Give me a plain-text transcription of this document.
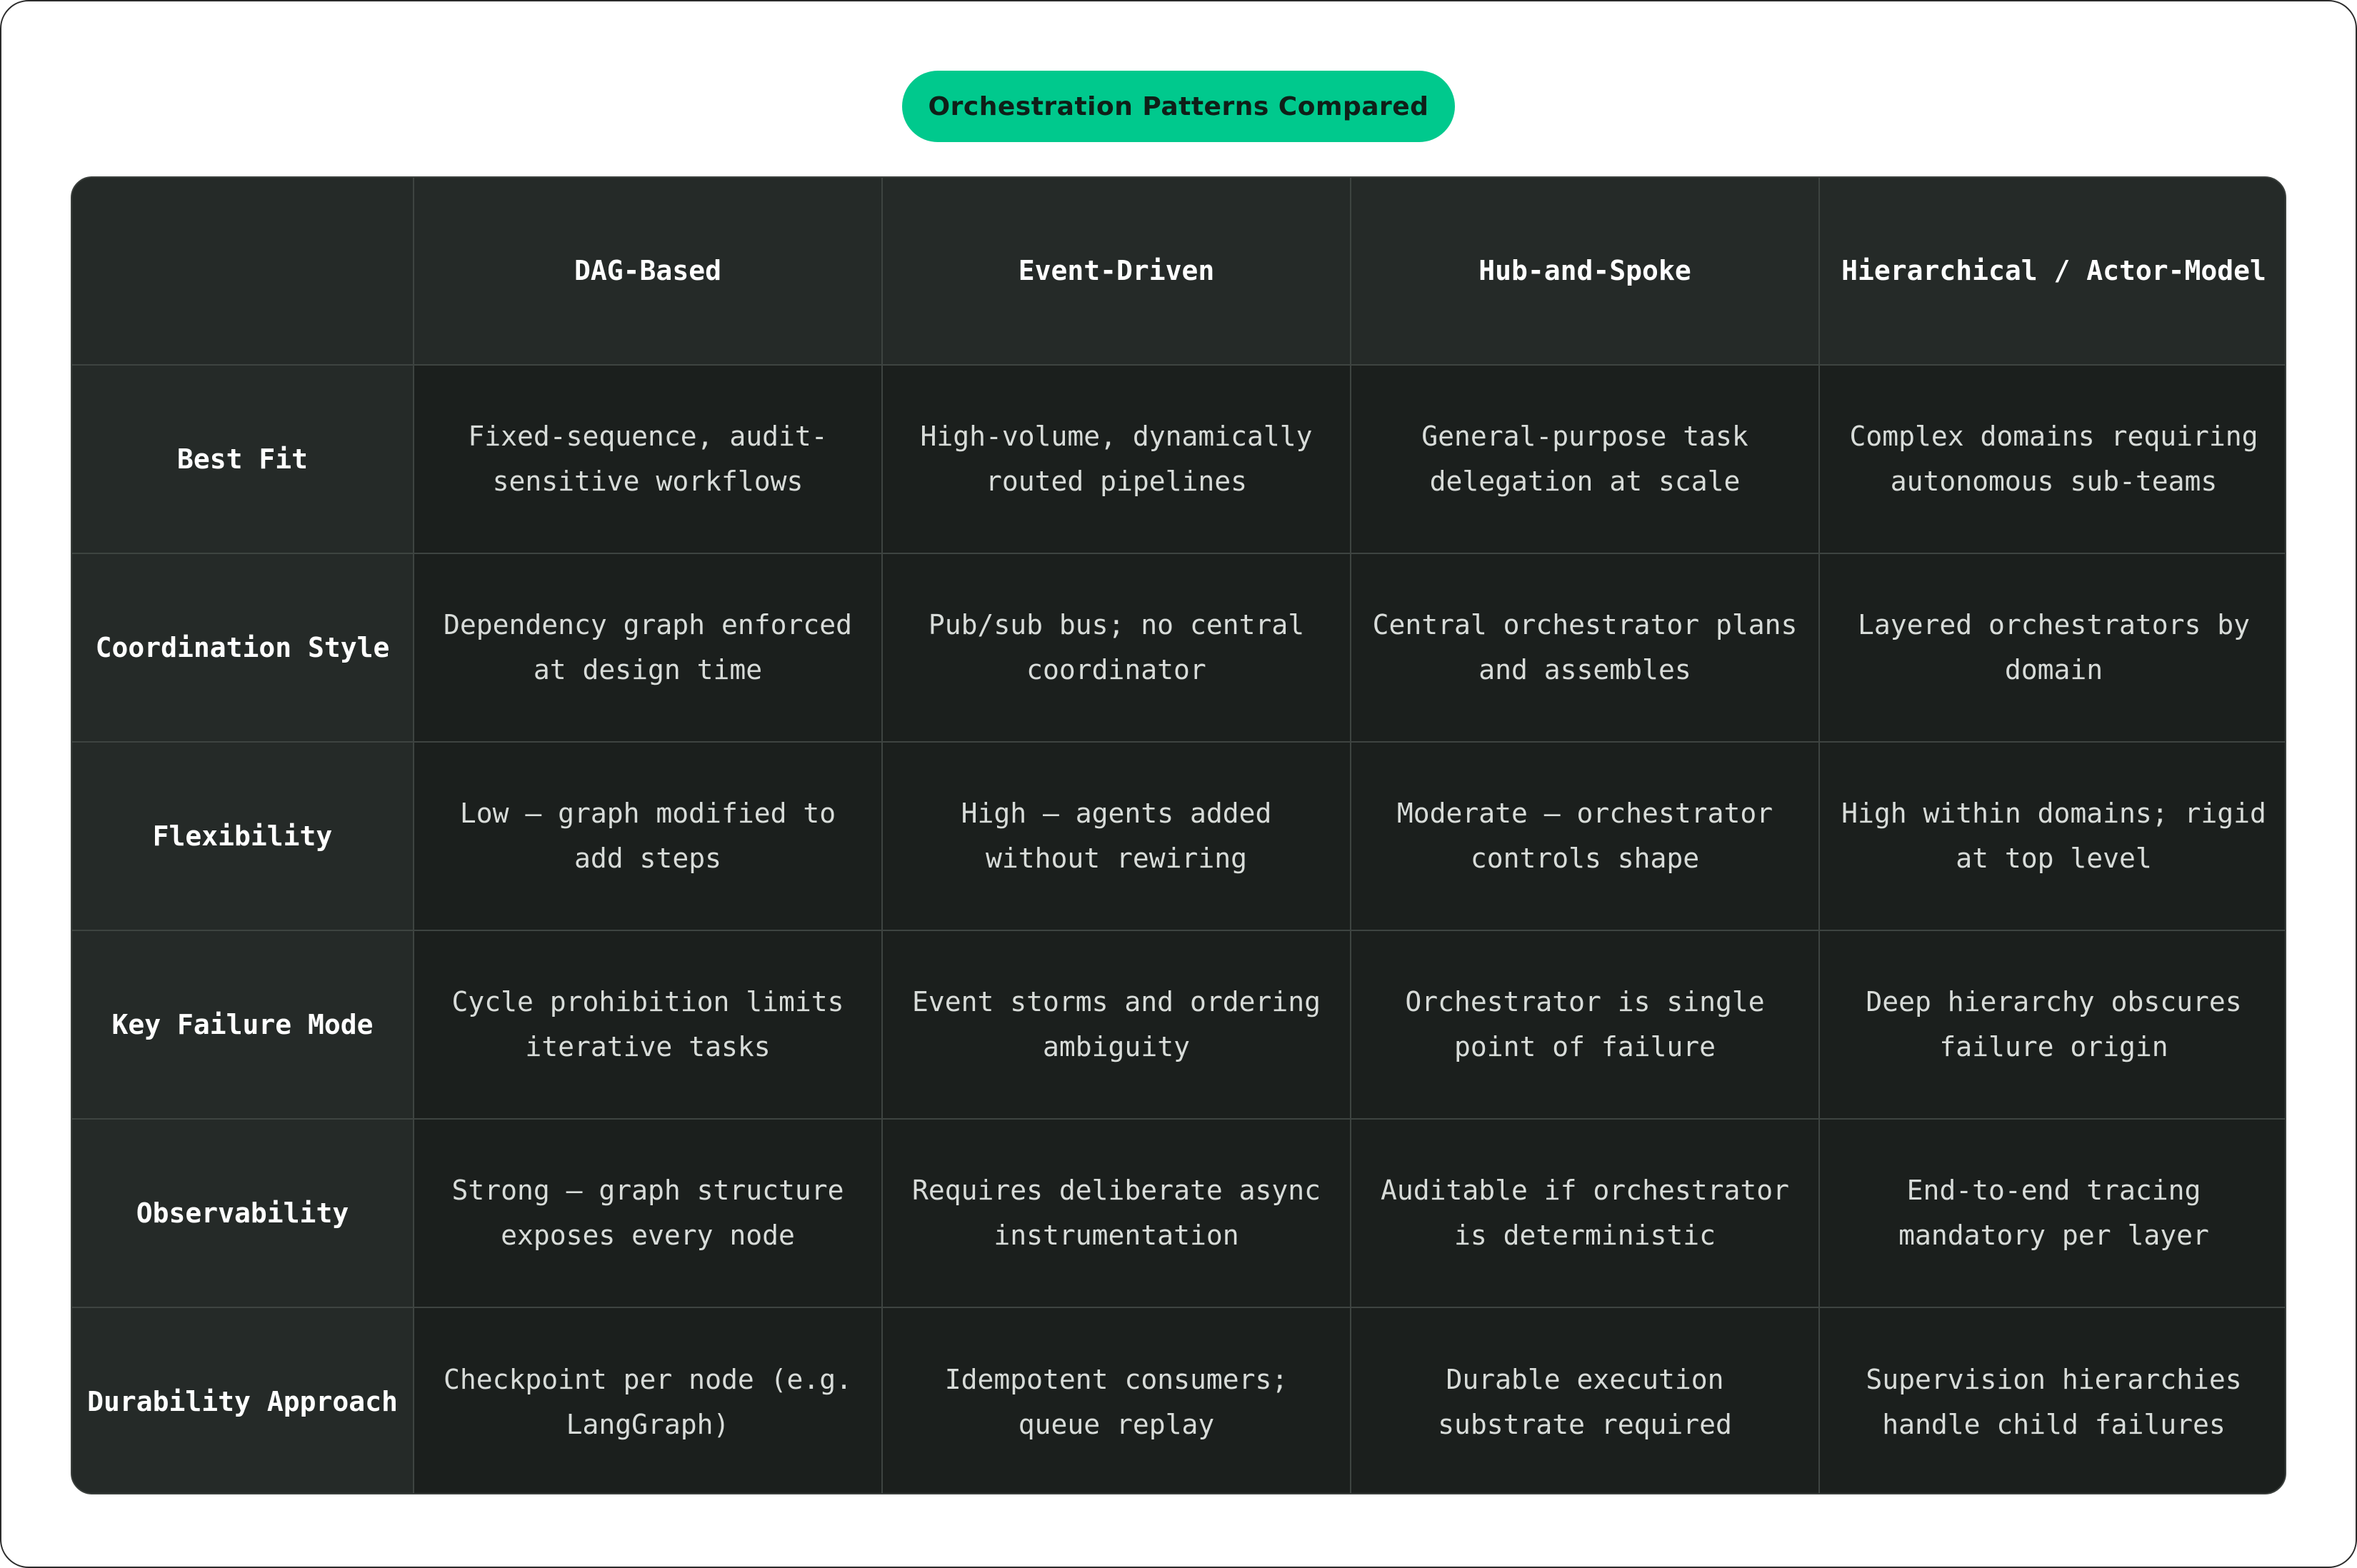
Orchestration Patterns Compared
	DAG-Based	Event-Driven	Hub-and-Spoke	Hierarchical / Actor-Model
Best Fit	Fixed-sequence, audit-sensitive workflows	High-volume, dynamically routed pipelines	General-purpose task delegation at scale	Complex domains requiring autonomous sub-teams
Coordination Style	Dependency graph enforced at design time	Pub/sub bus; no central coordinator	Central orchestrator plans and assembles	Layered orchestrators by domain
Flexibility	Low — graph modified to add steps	High — agents added without rewiring	Moderate — orchestrator controls shape	High within domains; rigid at top level
Key Failure Mode	Cycle prohibition limits iterative tasks	Event storms and ordering ambiguity	Orchestrator is single point of failure	Deep hierarchy obscures failure origin
Observability	Strong — graph structure exposes every node	Requires deliberate async instrumentation	Auditable if orchestrator is deterministic	End-to-end tracing mandatory per layer
Durability Approach	Checkpoint per node (e.g. LangGraph)	Idempotent consumers; queue replay	Durable execution substrate required	Supervision hierarchies handle child failures
